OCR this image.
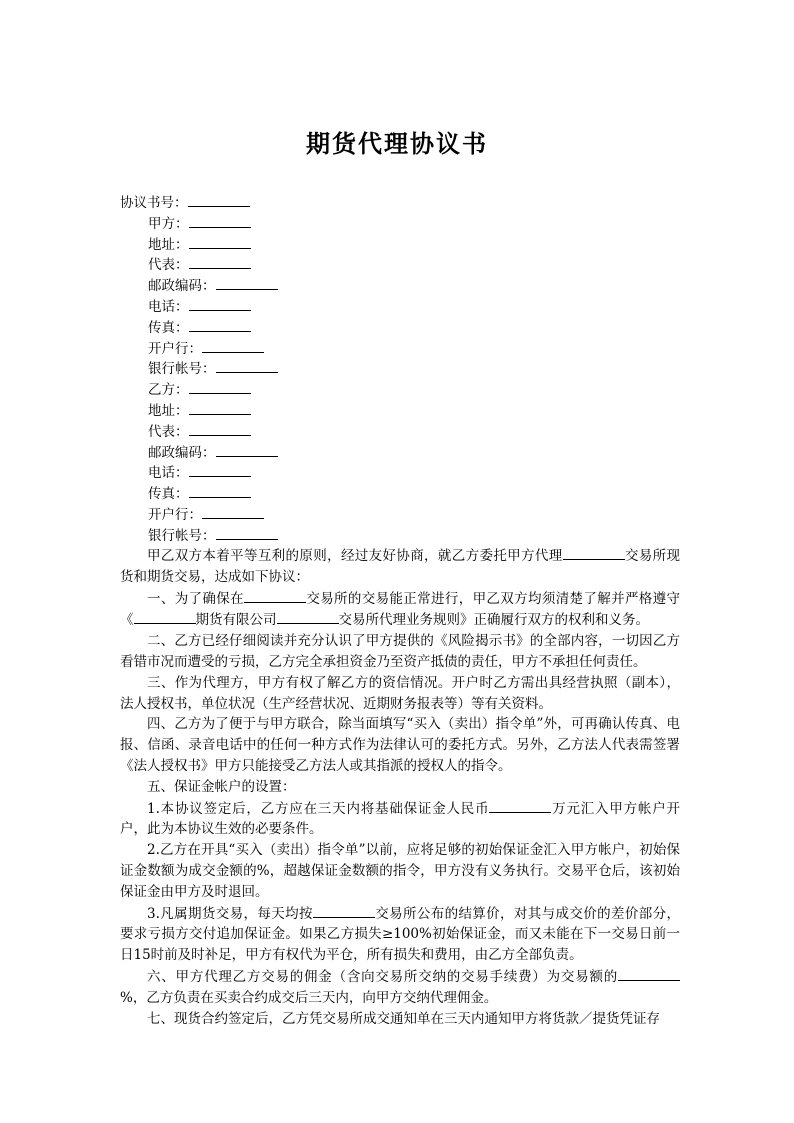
期货代理协议书
协议书号：
甲方：
地址：
代表：
邮政编码：
电话：
传真：
开户行：
银行帐号：
乙方：
地址：
代表：
邮政编码：
电话：
传真：
开户行：
银行帐号：

甲乙双方本着平等互利的原则，经过友好协商，就乙方委托甲方代理	交易所现货和期货交易，达成如下协议：

一、为了确保在	交易所的交易能正常进行，甲乙双方均须清楚了解并严格遵守《	期货有限公司	交易所代理业务规则》正确履行双方的权利和义务。

二、乙方已经仔细阅读并充分认识了甲方提供的《风险揭示书》的全部内容，一切因乙方看错市况而遭受的亏损，乙方完全承担资金乃至资产抵债的责任，甲方不承担任何责任。

三、作为代理方，甲方有权了解乙方的资信情况。开户时乙方需出具经营执照（副本），法人授权书，单位状况（生产经营状况、近期财务报表等）等有关资料。

四、乙方为了便于与甲方联合，除当面填写“买入（卖出）指令单”外，可再确认传真、电报、信函、录音电话中的任何一种方式作为法律认可的委托方式。另外，乙方法人代表需签署《法人授权书》甲方只能接受乙方法人或其指派的授权人的指令。

五、保证金帐户的设置：

1.本协议签定后，乙方应在三天内将基础保证金人民币	万元汇入甲方帐户开户，此为本协议生效的必要条件。

2.乙方在开具“买入（卖出）指令单”以前，应将足够的初始保证金汇入甲方帐户，初始保证金数额为成交金额的%，超越保证金数额的指令，甲方没有义务执行。交易平仓后，该初始保证金由甲方及时退回。

3.凡属期货交易，每天均按	交易所公布的结算价，对其与成交价的差价部分，要求亏损方交付追加保证金。如果乙方损失≥100%初始保证金，而又未能在下一交易日前一日15时前及时补足，甲方有权代为平仓，所有损失和费用，由乙方全部负责。

六、甲方代理乙方交易的佣金（含向交易所交纳的交易手续费）为交易额的%，乙方负责在买卖合约成交后三天内，向甲方交纳代理佣金。

七、现货合约签定后，乙方凭交易所成交通知单在三天内通知甲方将货款／提货凭证存
